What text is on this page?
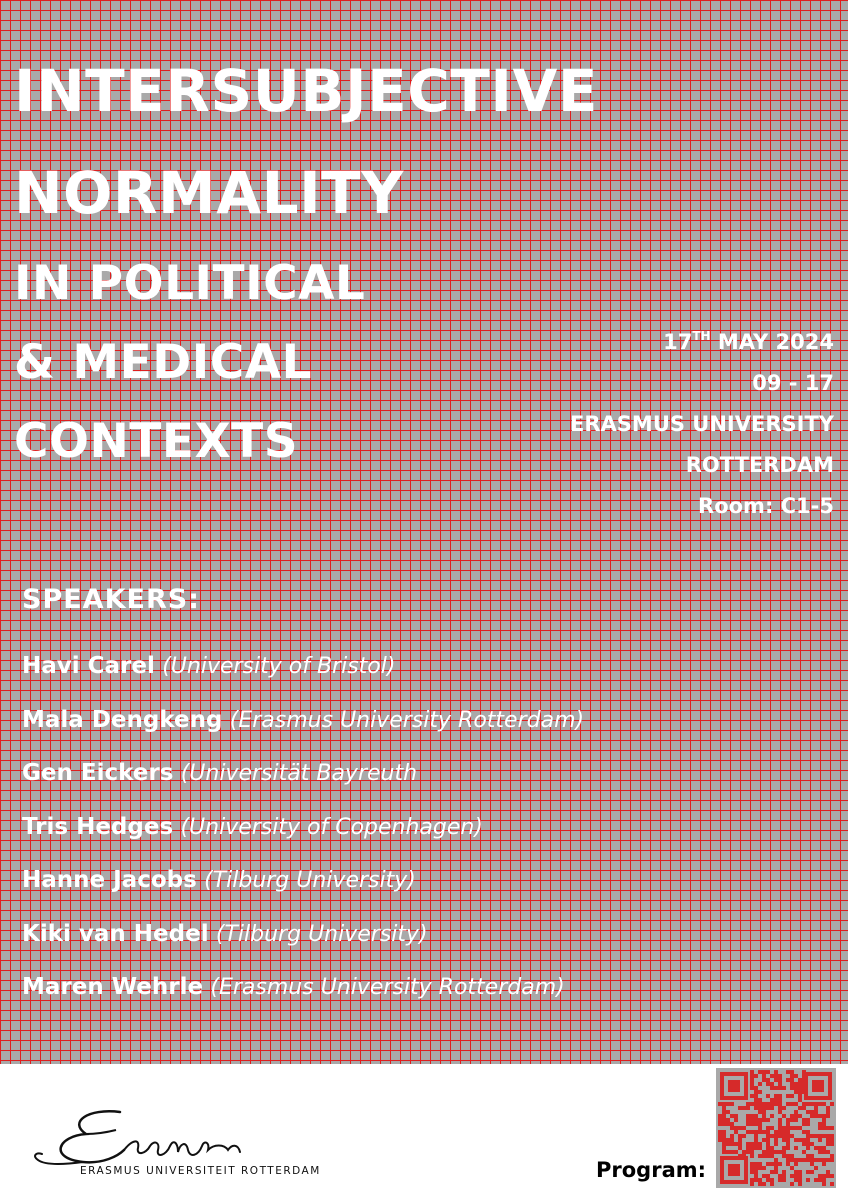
INTERSUBJECTIVE
NORMALITY
IN POLITICAL
& MEDICAL
CONTEXTS
17TH MAY 2024
09 - 17
ERASMUS UNIVERSITY
ROTTERDAM
Room: C1-5
SPEAKERS:
Havi Carel (University of Bristol)
Mala Dengkeng (Erasmus University Rotterdam)
Gen Eickers (Universität Bayreuth
Tris Hedges (University of Copenhagen)
Hanne Jacobs (Tilburg University)
Kiki van Hedel (Tilburg University)
Maren Wehrle (Erasmus University Rotterdam)
ERASMUS UNIVERSITEIT ROTTERDAM	Program:
